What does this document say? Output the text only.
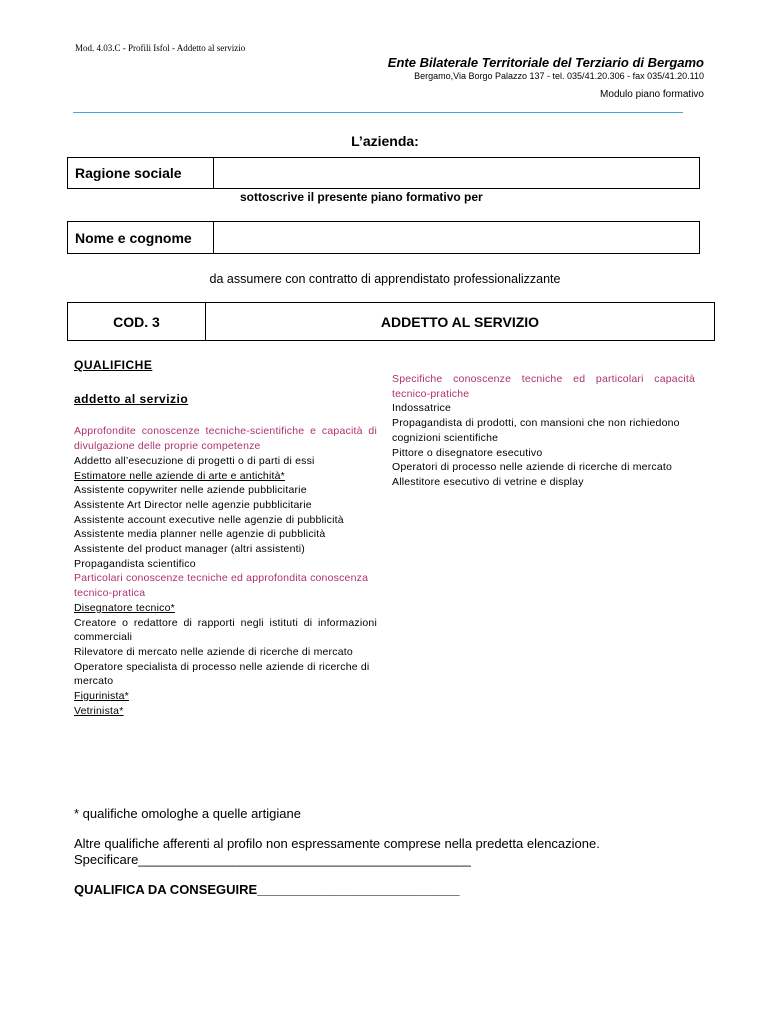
Mod. 4.03.C - Profili Isfol - Addetto al servizio
Ente Bilaterale Territoriale del Terziario di Bergamo
Bergamo,Via Borgo Palazzo 137 - tel. 035/41.20.306 - fax 035/41.20.110
Modulo piano formativo
L’azienda:
Ragione sociale
sottoscrive il presente piano formativo per
Nome e cognome
da assumere con contratto di apprendistato professionalizzante
COD. 3	ADDETTO AL SERVIZIO
QUALIFICHE
addetto al servizio
Approfondite conoscenze tecniche-scientifiche e capacità di divulgazione delle proprie competenze
Addetto all’esecuzione di progetti o di parti di essi
Estimatore nelle aziende di arte e antichità*
Assistente copywriter nelle aziende pubblicitarie
Assistente Art Director nelle agenzie pubblicitarie
Assistente account executive nelle agenzie di pubblicità
Assistente media planner nelle agenzie di pubblicità
Assistente del product manager (altri assistenti)
Propagandista scientifico
Particolari conoscenze tecniche ed approfondita conoscenza tecnico-pratica
Disegnatore tecnico*
Creatore o redattore di rapporti negli istituti di informazioni commerciali
Rilevatore di mercato nelle aziende di ricerche di mercato
Operatore specialista di processo nelle aziende di ricerche di mercato
Figurinista*
Vetrinista*
Specifiche conoscenze tecniche ed particolari capacità tecnico-pratiche
Indossatrice
Propagandista di prodotti, con mansioni che non richiedono cognizioni scientifiche
Pittore o disegnatore esecutivo
Operatori di processo nelle aziende di ricerche di mercato
Allestitore esecutivo di vetrine e display
* qualifiche omologhe a quelle artigiane
Altre qualifiche afferenti al profilo non espressamente comprese nella predetta elencazione.
Specificare______________________________________________
QUALIFICA DA CONSEGUIRE____________________________
